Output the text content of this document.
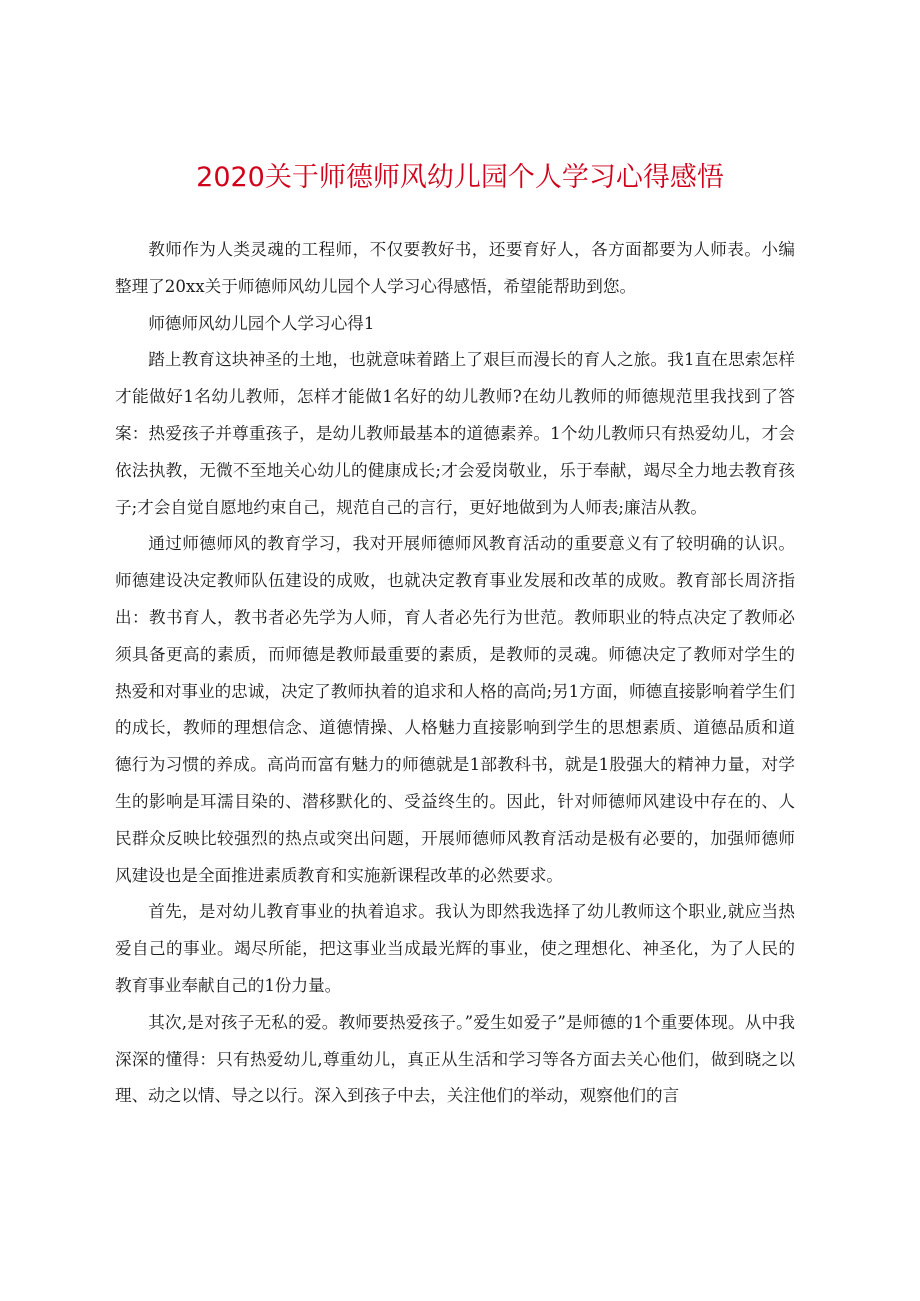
2020关于师德师风幼儿园个人学习心得感悟

教师作为人类灵魂的工程师，不仅要教好书，还要育好人，各方面都要为人师表。小编整理了20xx关于师德师风幼儿园个人学习心得感悟，希望能帮助到您。

师德师风幼儿园个人学习心得1

踏上教育这块神圣的土地，也就意味着踏上了艰巨而漫长的育人之旅。我1直在思索怎样才能做好1名幼儿教师，怎样才能做1名好的幼儿教师?在幼儿教师的师德规范里我找到了答案：热爱孩子并尊重孩子，是幼儿教师最基本的道德素养。1个幼儿教师只有热爱幼儿，才会依法执教，无微不至地关心幼儿的健康成长;才会爱岗敬业，乐于奉献，竭尽全力地去教育孩子;才会自觉自愿地约束自己，规范自己的言行，更好地做到为人师表;廉洁从教。

通过师德师风的教育学习，我对开展师德师风教育活动的重要意义有了较明确的认识。师德建设决定教师队伍建设的成败，也就决定教育事业发展和改革的成败。教育部长周济指出：教书育人，教书者必先学为人师，育人者必先行为世范。教师职业的特点决定了教师必须具备更高的素质，而师德是教师最重要的素质，是教师的灵魂。师德决定了教师对学生的热爱和对事业的忠诚，决定了教师执着的追求和人格的高尚;另1方面，师德直接影响着学生们的成长，教师的理想信念、道德情操、人格魅力直接影响到学生的思想素质、道德品质和道德行为习惯的养成。高尚而富有魅力的师德就是1部教科书，就是1股强大的精神力量，对学生的影响是耳濡目染的、潜移默化的、受益终生的。因此，针对师德师风建设中存在的、人民群众反映比较强烈的热点或突出问题，开展师德师风教育活动是极有必要的，加强师德师风建设也是全面推进素质教育和实施新课程改革的必然要求。

首先，是对幼儿教育事业的执着追求。我认为即然我选择了幼儿教师这个职业,就应当热爱自己的事业。竭尽所能，把这事业当成最光辉的事业，使之理想化、神圣化，为了人民的教育事业奉献自己的1份力量。

其次,是对孩子无私的爱。教师要热爱孩子。”爱生如爱子”是师德的1个重要体现。从中我深深的懂得：只有热爱幼儿,尊重幼儿，真正从生活和学习等各方面去关心他们，做到晓之以理、动之以情、导之以行。深入到孩子中去，关注他们的举动，观察他们的言
